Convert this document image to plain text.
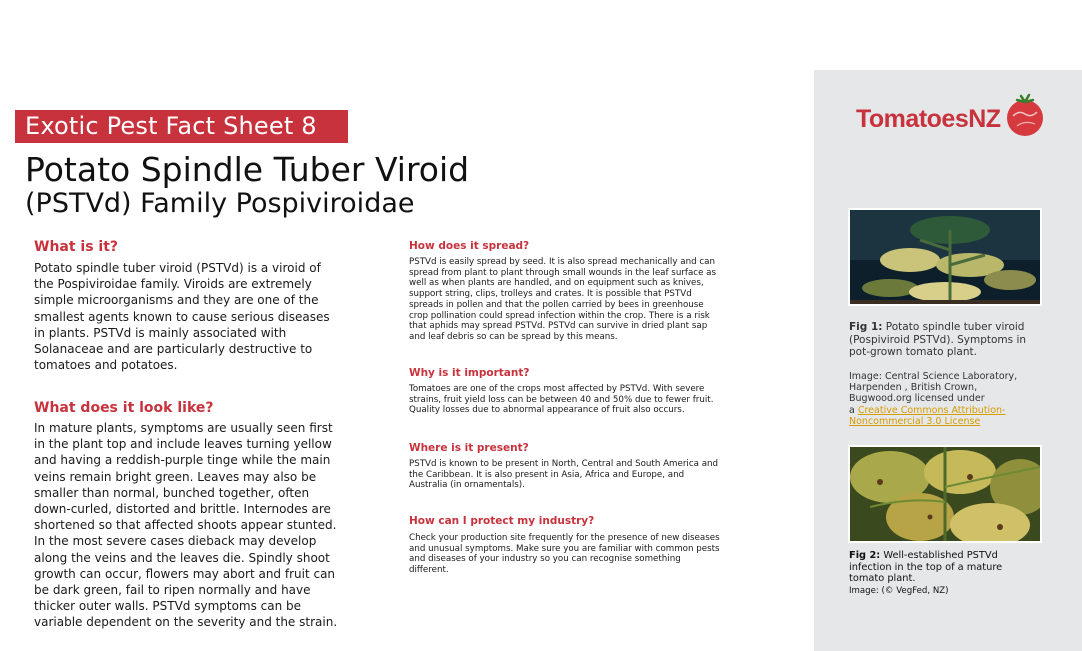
Exotic Pest Fact Sheet 8
Potato Spindle Tuber Viroid
(PSTVd) Family Pospiviroidae
What is it?
Potato spindle tuber viroid (PSTVd) is a viroid of the Pospiviroidae family. Viroids are extremely simple microorganisms and they are one of the smallest agents known to cause serious diseases in plants. PSTVd is mainly associated with Solanaceae and are particularly destructive to tomatoes and potatoes.
What does it look like?
In mature plants, symptoms are usually seen first in the plant top and include leaves turning yellow and having a reddish-purple tinge while the main veins remain bright green. Leaves may also be smaller than normal, bunched together, often down-curled, distorted and brittle. Internodes are shortened so that affected shoots appear stunted. In the most severe cases dieback may develop along the veins and the leaves die. Spindly shoot growth can occur, flowers may abort and fruit can be dark green, fail to ripen normally and have thicker outer walls. PSTVd symptoms can be variable dependent on the severity and the strain.
How does it spread?
PSTVd is easily spread by seed. It is also spread mechanically and can spread from plant to plant through small wounds in the leaf surface as well as when plants are handled, and on equipment such as knives, support string, clips, trolleys and crates. It is possible that PSTVd spreads in pollen and that the pollen carried by bees in greenhouse crop pollination could spread infection within the crop. There is a risk that aphids may spread PSTVd. PSTVd can survive in dried plant sap and leaf debris so can be spread by this means.
Why is it important?
Tomatoes are one of the crops most affected by PSTVd. With severe strains, fruit yield loss can be between 40 and 50% due to fewer fruit. Quality losses due to abnormal appearance of fruit also occurs.
Where is it present?
PSTVd is known to be present in North, Central and South America and the Caribbean. It is also present in Asia, Africa and Europe, and Australia (in ornamentals).
How can I protect my industry?
Check your production site frequently for the presence of new diseases and unusual symptoms. Make sure you are familiar with common pests and diseases of your industry so you can recognise something different.
TomatoesNZ
Fig 1: Potato spindle tuber viroid (Pospiviroid PSTVd). Symptoms in pot-grown tomato plant.
Image: Central Science Laboratory, Harpenden , British Crown, Bugwood.org licensed under
a Creative Commons Attribution-Noncommercial 3.0 License
Fig 2: Well-established PSTVd infection in the top of a mature tomato plant.
Image: (© VegFed, NZ)
